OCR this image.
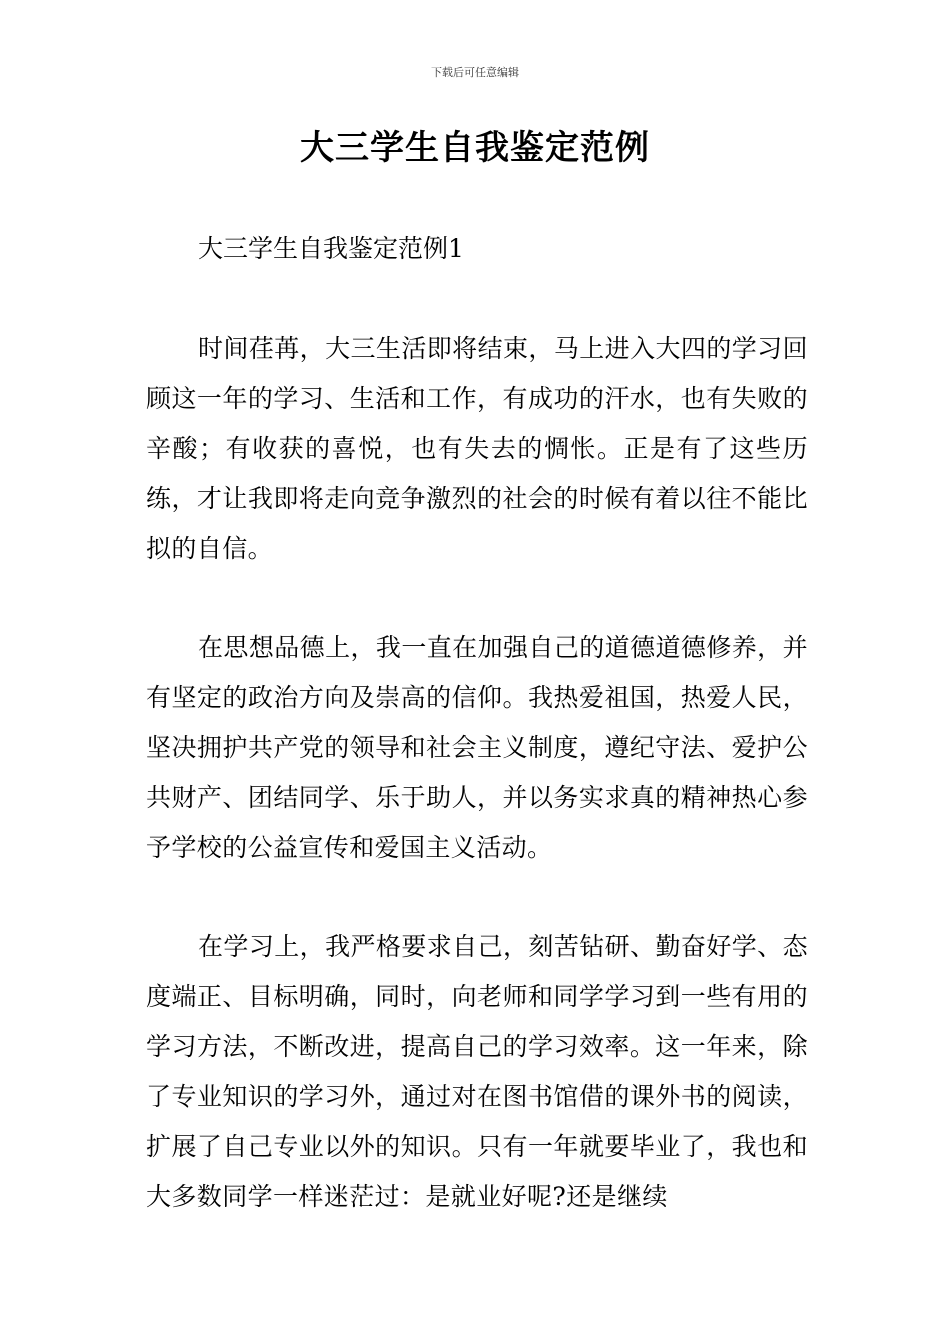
下载后可任意编辑
大三学生自我鉴定范例

大三学生自我鉴定范例1

时间荏苒，大三生活即将结束，马上进入大四的学习回顾这一年的学习、生活和工作，有成功的汗水，也有失败的辛酸；有收获的喜悦，也有失去的惆怅。正是有了这些历练，才让我即将走向竞争激烈的社会的时候有着以往不能比拟的自信。

在思想品德上，我一直在加强自己的道德道德修养，并有坚定的政治方向及崇高的信仰。我热爱祖国，热爱人民，坚决拥护共产党的领导和社会主义制度，遵纪守法、爱护公共财产、团结同学、乐于助人，并以务实求真的精神热心参予学校的公益宣传和爱国主义活动。

在学习上，我严格要求自己，刻苦钻研、勤奋好学、态度端正、目标明确，同时，向老师和同学学习到一些有用的学习方法，不断改进，提高自己的学习效率。这一年来，除了专业知识的学习外，通过对在图书馆借的课外书的阅读，扩展了自己专业以外的知识。只有一年就要毕业了，我也和大多数同学一样迷茫过：是就业好呢?还是继续
